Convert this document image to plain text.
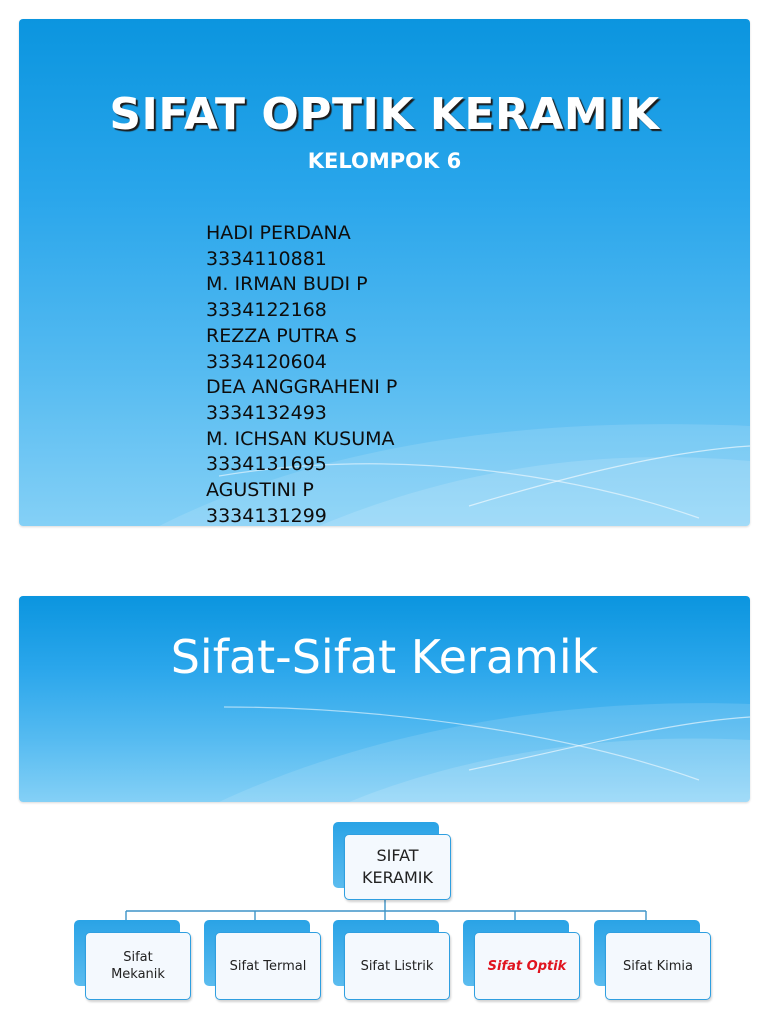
SIFAT OPTIK KERAMIK
KELOMPOK 6
HADI PERDANA
3334110881
M. IRMAN BUDI P
3334122168
REZZA PUTRA S
3334120604
DEA ANGGRAHENI P
3334132493
M. ICHSAN KUSUMA
3334131695
AGUSTINI P
3334131299
Sifat-Sifat Keramik
SIFAT
KERAMIK
Sifat
Mekanik
Sifat Termal	Sifat Listrik	Sifat Optik	Sifat Kimia
